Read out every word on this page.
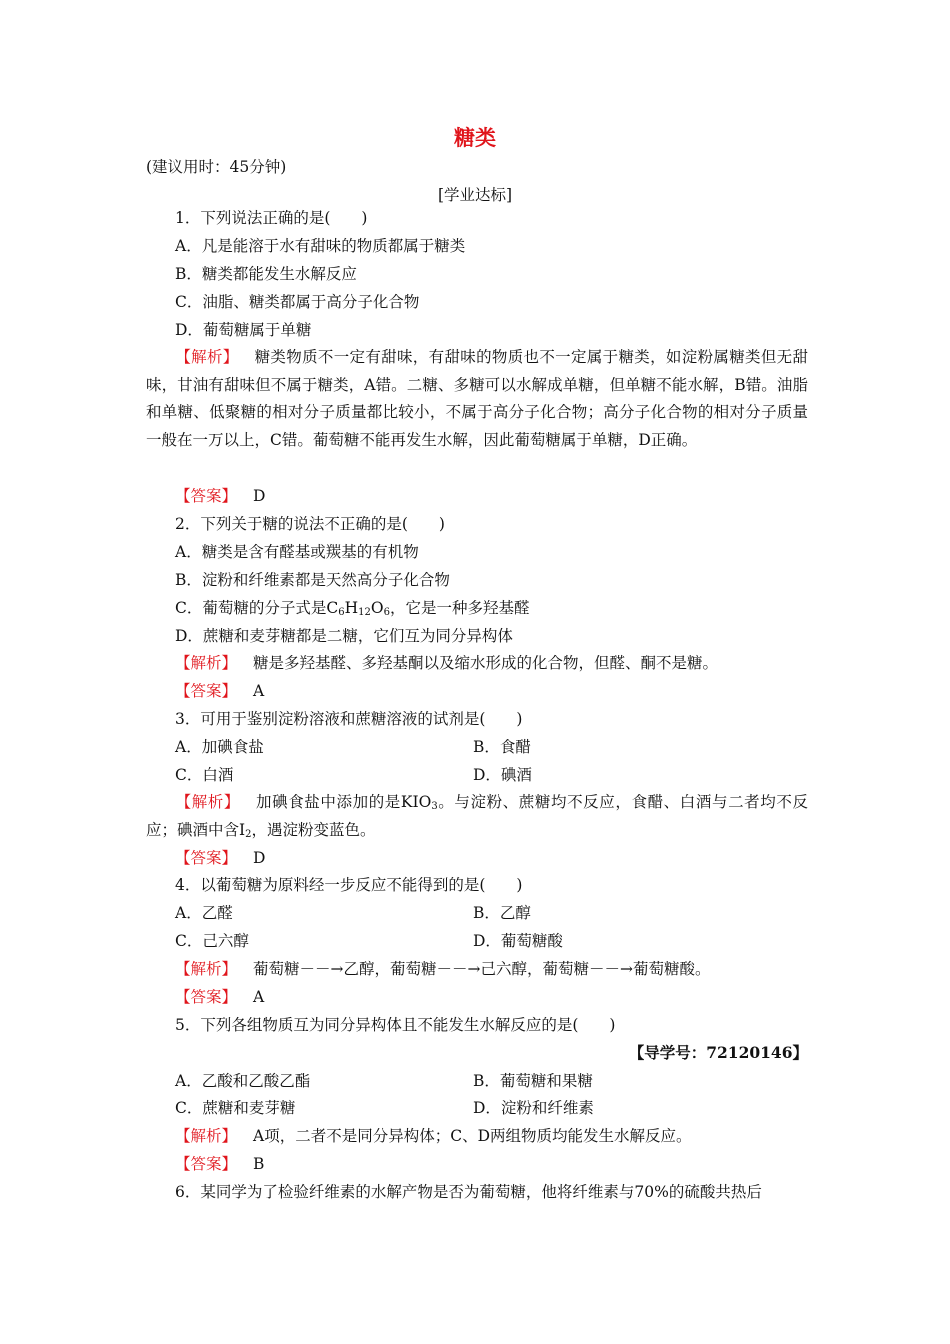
糖类
(建议用时：45分钟)
[学业达标]
1．下列说法正确的是(　　)
A．凡是能溶于水有甜味的物质都属于糖类
B．糖类都能发生水解反应
C．油脂、糖类都属于高分子化合物
D．葡萄糖属于单糖
【解析】 糖类物质不一定有甜味，有甜味的物质也不一定属于糖类，如淀粉属糖类但无甜味，甘油有甜味但不属于糖类，A错。二糖、多糖可以水解成单糖，但单糖不能水解，B错。油脂和单糖、低聚糖的相对分子质量都比较小，不属于高分子化合物；高分子化合物的相对分子质量一般在一万以上，C错。葡萄糖不能再发生水解，因此葡萄糖属于单糖，D正确。
【答案】 D
2．下列关于糖的说法不正确的是(　　)
A．糖类是含有醛基或羰基的有机物
B．淀粉和纤维素都是天然高分子化合物
C．葡萄糖的分子式是$C_6H_{12}O_6$，它是一种多羟基醛
D．蔗糖和麦芽糖都是二糖，它们互为同分异构体
【解析】 糖是多羟基醛、多羟基酮以及缩水形成的化合物，但醛、酮不是糖。
【答案】 A
3．可用于鉴别淀粉溶液和蔗糖溶液的试剂是(　　)
A．加碘食盐	B．食醋
C．白酒	D．碘酒
【解析】 加碘食盐中添加的是$KIO_3$。与淀粉、蔗糖均不反应，食醋、白酒与二者均不反应；碘酒中含$I_2$，遇淀粉变蓝色。
【答案】 D
4．以葡萄糖为原料经一步反应不能得到的是(　　)
A．乙醛	B．乙醇
C．己六醇	D．葡萄糖酸
【解析】 葡萄糖－－→乙醇，葡萄糖－－→己六醇，葡萄糖－－→葡萄糖酸。
【答案】 A
5．下列各组物质互为同分异构体且不能发生水解反应的是(　　)
【导学号：72120146】
A．乙酸和乙酸乙酯	B．葡萄糖和果糖
C．蔗糖和麦芽糖	D．淀粉和纤维素
【解析】 A项，二者不是同分异构体；C、D两组物质均能发生水解反应。
【答案】 B
6．某同学为了检验纤维素的水解产物是否为葡萄糖，他将纤维素与70%的硫酸共热后
